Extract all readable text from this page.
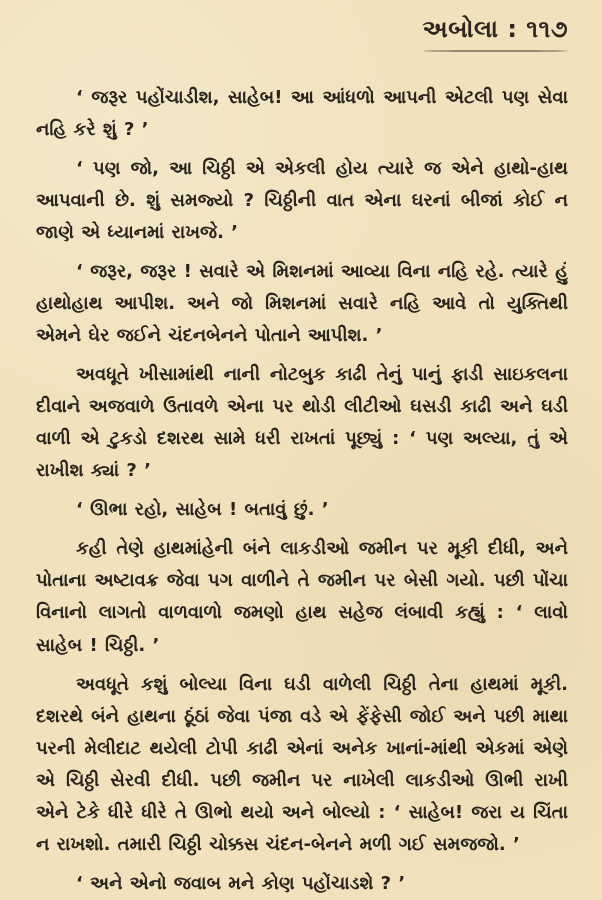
અબોલા : ૧૧૭

‘ જરૂર પહોંચાડીશ, સાહેબ! આ આંધળો આપની એટલી પણ સેવા નહિ કરે શું ? ’

‘ પણ જો, આ ચિઠ્ઠી એ એકલી હોય ત્યારે જ એને હાથો-હાથ આપવાની છે. શું સમજ્યો ? ચિઠ્ઠીની વાત એના ઘરનાં બીજાં કોઈ ન જાણે એ ધ્યાનમાં રાખજે. ’

‘ જરૂર, જરૂર ! સવારે એ મિશનમાં આવ્યા વિના નહિ રહે. ત્યારે હું હાથોહાથ આપીશ. અને જો મિશનમાં સવારે નહિ આવે તો યુક્તિથી એમને ઘેર જઈને ચંદનબેનને પોતાને આપીશ. ’

અવધૂતે ખીસામાંથી નાની નોટબુક કાઢી તેનું પાનું ફાડી સાઇકલના દીવાને અજવાળે ઉતાવળે એના પર થોડી લીટીઓ ઘસડી કાઢી અને ઘડી વાળી એ ટુકડો દશરથ સામે ધરી રાખતાં પૂછ્યું : ‘ પણ અલ્યા, તું એ રાખીશ ક્યાં ? ’

‘ ઊભા રહો, સાહેબ ! બતાવું છું. ’

કહી તેણે હાથમાંહેની બંને લાકડીઓ જમીન પર મૂકી દીધી, અને પોતાના અષ્ટાવક્ર જેવા પગ વાળીને તે જમીન પર બેસી ગયો. પછી પોંચા વિનાનો લાગતો વાળવાળો જમણો હાથ સહેજ લંબાવી કહ્યું : ‘ લાવો સાહેબ ! ચિઠ્ઠી. ’

અવધૂતે કશું બોલ્યા વિના ઘડી વાળેલી ચિઠ્ઠી તેના હાથમાં મૂકી. દશરથે બંને હાથના ઠૂંઠાં જેવા પંજા વડે એ ફેંફેસી જોઈ અને પછી માથા પરની મેલીદાટ થયેલી ટોપી કાઢી એનાં અનેક ખાનાં-માંથી એકમાં એણે એ ચિઠ્ઠી સેરવી દીધી. પછી જમીન પર નાખેલી લાકડીઓ ઊભી રાખી એને ટેકે ધીરે ધીરે તે ઊભો થયો અને બોલ્યો : ‘ સાહેબ! જરા ય ચિંતા ન રાખશો. તમારી ચિઠ્ઠી ચોક્કસ ચંદન-બેનને મળી ગઈ સમજજો. ’

‘ અને એનો જવાબ મને કોણ પહોંચાડશે ? ’
